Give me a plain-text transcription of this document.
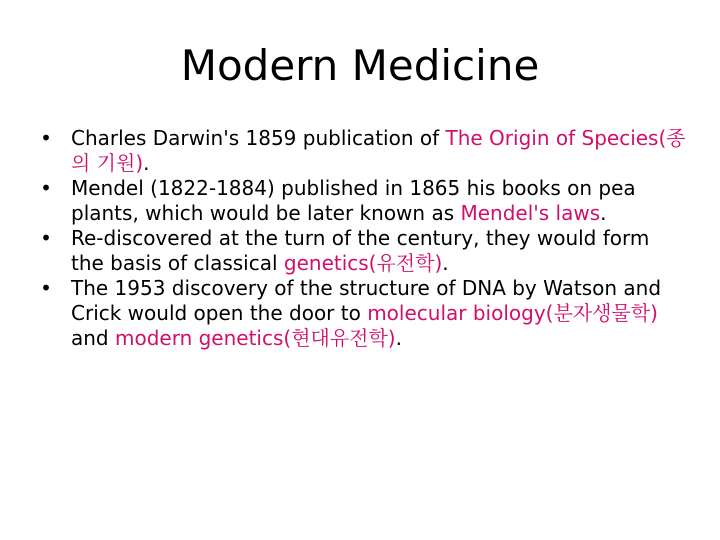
Modern Medicine
• Charles Darwin's 1859 publication of The Origin of Species(종의 기원).
• Mendel (1822-1884) published in 1865 his books on pea plants, which would be later known as Mendel's laws.
• Re-discovered at the turn of the century, they would form the basis of classical genetics(유전학).
• The 1953 discovery of the structure of DNA by Watson and Crick would open the door to molecular biology(분자생물학) and modern genetics(현대유전학).
